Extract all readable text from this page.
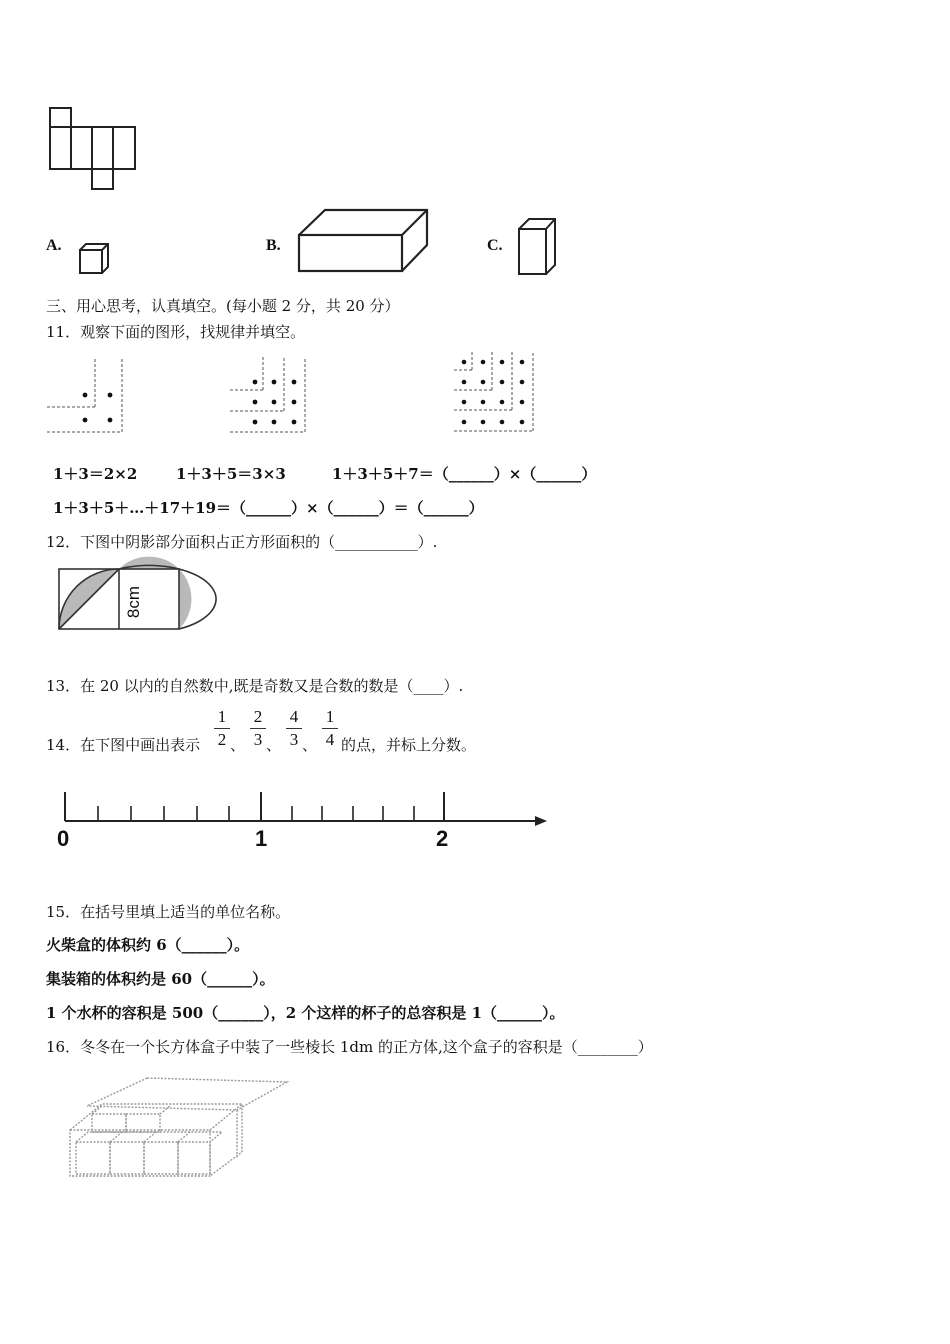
A.	B.	C.
三、用心思考，认真填空。(每小题 2 分，共 20 分）
11．观察下面的图形，找规律并填空。
1＋3＝2×2	1＋3＋5＝3×3	1＋3＋5＋7＝（______）×（______）
1＋3＋5＋…＋17＋19＝（______）×（______）＝（______）
12．下图中阴影部分面积占正方形面积的（___________）.
8cm
13．在 20 以内的自然数中,既是奇数又是合数的数是（____）.
14．在下图中画出表示
1
2 、
2
3 、
4
3 、
1
4 的点，并标上分数。
0	1	2
15．在括号里填上适当的单位名称。
火柴盒的体积约 6（______）。
集装箱的体积约是 60（______）。
1 个水杯的容积是 500（______），2 个这样的杯子的总容积是 1（______）。
16．冬冬在一个长方体盒子中装了一些棱长 1dm 的正方体,这个盒子的容积是（________）
